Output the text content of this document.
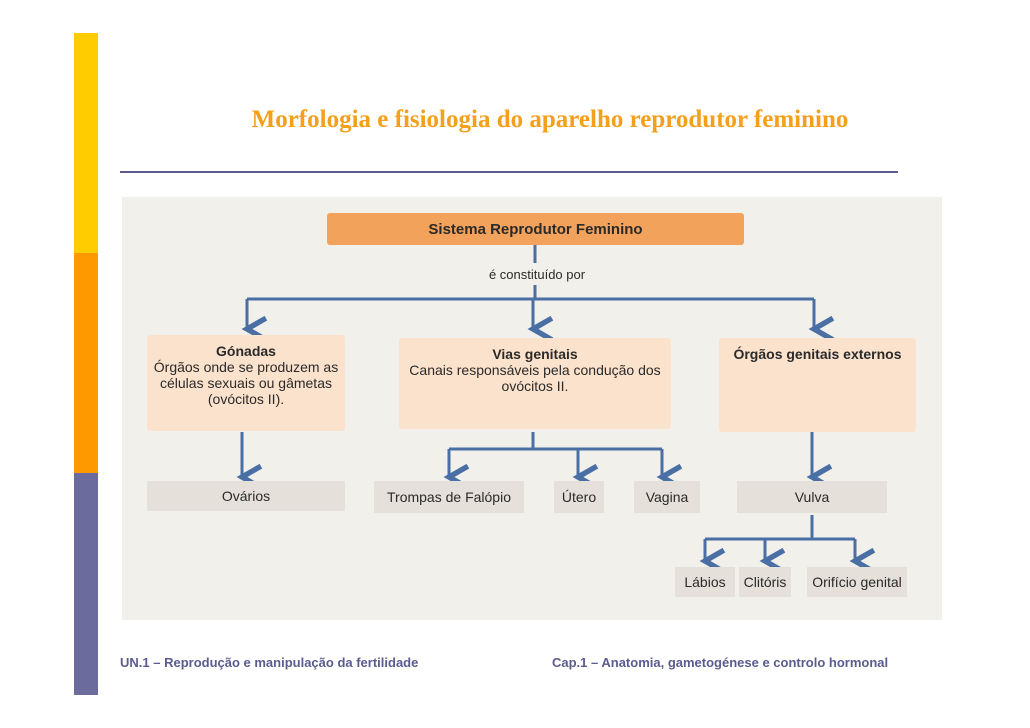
Morfologia e fisiologia do aparelho reprodutor feminino
Sistema Reprodutor Feminino
é constituído por
Gónadas
Órgãos onde se produzem as células sexuais ou gâmetas (ovócitos II).
Vias genitais
Canais responsáveis pela condução dos ovócitos II.
Órgãos genitais externos
Ovários	Trompas de Falópio	Útero	Vagina	Vulva
Lábios	Clitóris	Orifício genital

UN.1 – Reprodução e manipulação da fertilidade	Cap.1 – Anatomia, gametogénese e controlo hormonal
